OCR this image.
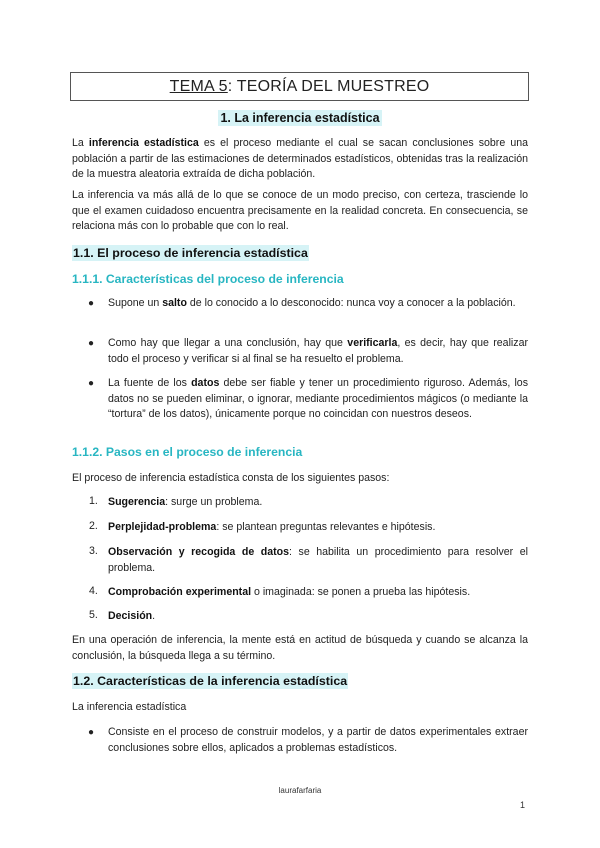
TEMA 5 : TEORÍA DEL MUESTREO
1. La inferencia estadística
La inferencia estadística es el proceso mediante el cual se sacan conclusiones sobre una población a partir de las estimaciones de determinados estadísticos, obtenidas tras la realización de la muestra aleatoria extraída de dicha población.
La inferencia va más allá de lo que se conoce de un modo preciso, con certeza, trasciende lo que el examen cuidadoso encuentra precisamente en la realidad concreta. En consecuencia, se relaciona más con lo probable que con lo real.
1.1. El proceso de inferencia estadística
1.1.1. Características del proceso de inferencia
● Supone un salto de lo conocido a lo desconocido: nunca voy a conocer a la población.
● Como hay que llegar a una conclusión, hay que verificarla, es decir, hay que realizar todo el proceso y verificar si al final se ha resuelto el problema.
● La fuente de los datos debe ser fiable y tener un procedimiento riguroso. Además, los datos no se pueden eliminar, o ignorar, mediante procedimientos mágicos (o mediante la “tortura” de los datos), únicamente porque no coincidan con nuestros deseos.
1.1.2. Pasos en el proceso de inferencia
El proceso de inferencia estadística consta de los siguientes pasos:
1. Sugerencia: surge un problema.
2. Perplejidad-problema: se plantean preguntas relevantes e hipótesis.
3. Observación y recogida de datos: se habilita un procedimiento para resolver el problema.
4. Comprobación experimental o imaginada: se ponen a prueba las hipótesis.
5. Decisión.
En una operación de inferencia, la mente está en actitud de búsqueda y cuando se alcanza la conclusión, la búsqueda llega a su término.
1.2. Características de la inferencia estadística
La inferencia estadística
● Consiste en el proceso de construir modelos, y a partir de datos experimentales extraer conclusiones sobre ellos, aplicados a problemas estadísticos.
laurafarfaria
1
